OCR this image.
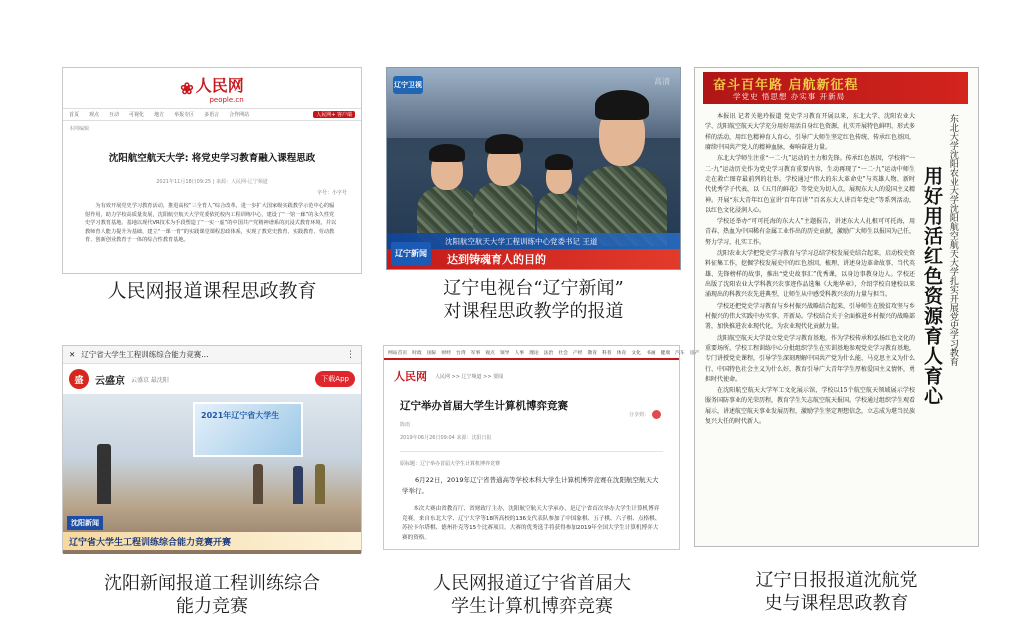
❀ 人民网
people.cn
首页 观点 互动 可视化 地方 举报专区 多语言 合作网站	人民网+ 客户端
本网编辑
沈阳航空航天大学: 将党史学习教育融入课程思政
2021年11月18日09:25 | 来源：人民网-辽宁频道
字号：小字号
为有效开展党史学习教育活动，推进高校“三全育人”综合改革，进一步扩大国家级实践教学示范中心的辐射作用，助力学校高质量发展，沈阳航空航天大学党委依托校内工程训练中心，建设了“一馆一廊”的永久性党史学习教育基地。基地以现代VR技术为手段塑造了“一实一虚”的中国共产党精神谱系的沉浸式教育环境，并以教师育人能力提升为基础，建立“一课一育”的实践课堂课程思政体系，实现了教党史教育、实践教育、劳动教育、创新创业教育于一体的综合性教育基地。
人民网报道课程思政教育
辽宁卫视	高清
沈阳航空航天大学工程训练中心党委书记 王道
达到铸魂育人的目的
辽宁新闻
辽宁电视台“辽宁新闻”
对课程思政教学的报道
奋斗百年路 启航新征程
学党史 悟思想 办实事 开新局

本报讯 记者关艳玲报道 党史学习教育开展以来，东北大学、沈阳农业大学、沈阳航空航天大学充分用好用活自身红色资源，扎实开展特色鲜明、形式多样的活动，用红色精神育人育心，引导广大师生坚定红色传统、传承红色基因，赓续中国共产党人的精神血脉，奏响奋进力量。

东北大学师生注重“一二·九”运动的主力和先锋。传承红色基因，学校将“一二·九”运动历史作为党史学习教育重要内容，生动再现了“一二·九”运动中师生走在救亡图存最前列的壮举。学校通过“伟大的东大革命史”与英雄人物、新时代优秀学子代表，以《五月的鲜花》等党史为切入点，展现东大人的爱国主义精神。开展“东大青年红色宣讲‘百年百讲’”百名东大人讲百年党史”等系列活动，以红色文化浸润人心。

学校还举办“可可托海的东大人”主题报告，讲述东大人扎根可可托海，用青春、热血为中国稀有金属工业作出的历史贡献，激励广大师生以报国为己任，努力学习、扎实工作。

沈阳农业大学把党史学习教育与学习总结学校发展史结合起来，启动校史资料征集工作，挖掘学校发展史中的红色基因，梳理、讲述身边革命故事、当代英雄、先锋榜样的故事，推出“党史故事汇”优秀课，以身边事教身边人。学校还出版了沈阳农业大学科教兴农事迹作品选集《大地华章》，介绍学校自建校以来涌现出的科教兴农先进典型，让师生从中感受科教兴农的力量与担当。

学校还把党史学习教育与乡村振兴战略结合起来，引导师生在脱贫攻坚与乡村振兴的伟大实践中办实事、开新局。学校结合关于全面推进乡村振兴的战略部署，加快推进农业现代化，为农业现代化贡献力量。

沈阳航空航天大学设立党史学习教育基地，作为学校传承和弘扬红色文化的重要场所。学校工程训练中心分批组织学生在实训基地参观党史学习教育基地，专门讲授党史课程，引导学生深刻理解中国共产党为什么能、马克思主义为什么行、中国特色社会主义为什么好，教育引导广大青年学生厚植爱国主义情怀，勇担时代使命。

在沈阳航空航天大学军工文化展示馆，学校以15个航空航天领域展示学校服务国防事业的光荣历程，教育学生矢志航空航天报国。学校通过组织学生观看展示，讲述航空航天事业发展历程，激励学生坚定理想信念，立志成为堪当民族复兴大任的时代新人。

东北大学沈阳农业大学沈阳航空航天大学扎实开展党史学习教育
用好用活红色资源育人育心
辽宁日报报道沈航党
史与课程思政教育
✕ 辽宁省大学生工程训练综合能力竞赛...	⋮
盛	云盛京 云盛京 最沈阳	下载App
2021年辽宁省大学生
沈阳新闻
辽宁省大学生工程训练综合能力竞赛开赛
沈阳新闻报道工程训练综合
能力竞赛
网站首页 时政 国际 财经 台湾 军事 观点 领导 人事 理论 法治 社会 产经 教育 科普 体育 文化 书画 健康 汽车 房产
人民网 人民网 >> 辽宁频道 >> 要闻
辽宁举办首届大学生计算机博弈竞赛
陈雨
2019年06月26日09:04 来源：沈阳日报
分享到：
原标题：辽宁举办首届大学生计算机博弈竞赛
6月22日，2019年辽宁省普通高等学校本科大学生计算机博弈竞赛在沈阳航空航天大学举行。
本次大赛由省教育厅、省财政厅主办，沈阳航空航天大学承办，是辽宁省首次举办大学生计算机博弈竞赛。来自东北大学、辽宁大学等18所高校的136支代表队参加了中国象棋、五子棋、六子棋、点格棋、苏拉卡尔塔棋、德州扑克等15个比赛项目。大赛的优秀选手将获得参加2019年全国大学生计算机博弈大赛的资格。
人民网报道辽宁省首届大
学生计算机博弈竞赛
